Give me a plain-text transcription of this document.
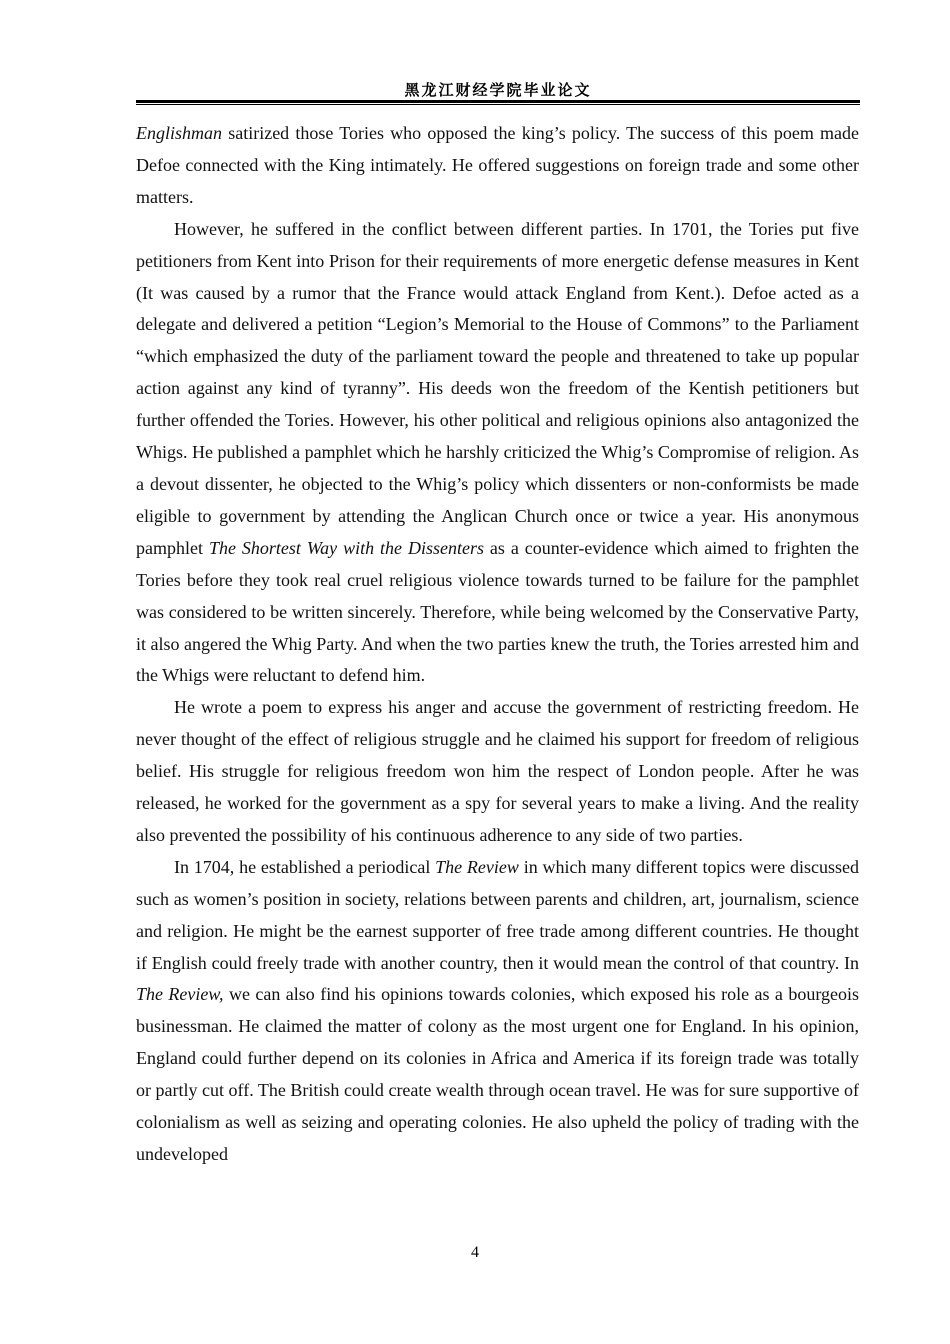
黑龙江财经学院毕业论文

Englishman satirized those Tories who opposed the king’s policy. The success of this poem made Defoe connected with the King intimately. He offered suggestions on foreign trade and some other matters.

However, he suffered in the conflict between different parties. In 1701, the Tories put five petitioners from Kent into Prison for their requirements of more energetic defense measures in Kent (It was caused by a rumor that the France would attack England from Kent.). Defoe acted as a delegate and delivered a petition “Legion’s Memorial to the House of Commons” to the Parliament “which emphasized the duty of the parliament toward the people and threatened to take up popular action against any kind of tyranny”. His deeds won the freedom of the Kentish petitioners but further offended the Tories. However, his other political and religious opinions also antagonized the Whigs. He published a pamphlet which he harshly criticized the Whig’s Compromise of religion. As a devout dissenter, he objected to the Whig’s policy which dissenters or non-conformists be made eligible to government by attending the Anglican Church once or twice a year. His anonymous pamphlet The Shortest Way with the Dissenters as a counter-evidence which aimed to frighten the Tories before they took real cruel religious violence towards turned to be failure for the pamphlet was considered to be written sincerely. Therefore, while being welcomed by the Conservative Party, it also angered the Whig Party. And when the two parties knew the truth, the Tories arrested him and the Whigs were reluctant to defend him.

He wrote a poem to express his anger and accuse the government of restricting freedom. He never thought of the effect of religious struggle and he claimed his support for freedom of religious belief. His struggle for religious freedom won him the respect of London people. After he was released, he worked for the government as a spy for several years to make a living. And the reality also prevented the possibility of his continuous adherence to any side of two parties.

In 1704, he established a periodical The Review in which many different topics were discussed such as women’s position in society, relations between parents and children, art, journalism, science and religion. He might be the earnest supporter of free trade among different countries. He thought if English could freely trade with another country, then it would mean the control of that country. In The Review, we can also find his opinions towards colonies, which exposed his role as a bourgeois businessman. He claimed the matter of colony as the most urgent one for England. In his opinion, England could further depend on its colonies in Africa and America if its foreign trade was totally or partly cut off. The British could create wealth through ocean travel. He was for sure supportive of colonialism as well as seizing and operating colonies. He also upheld the policy of trading with the undeveloped

4
